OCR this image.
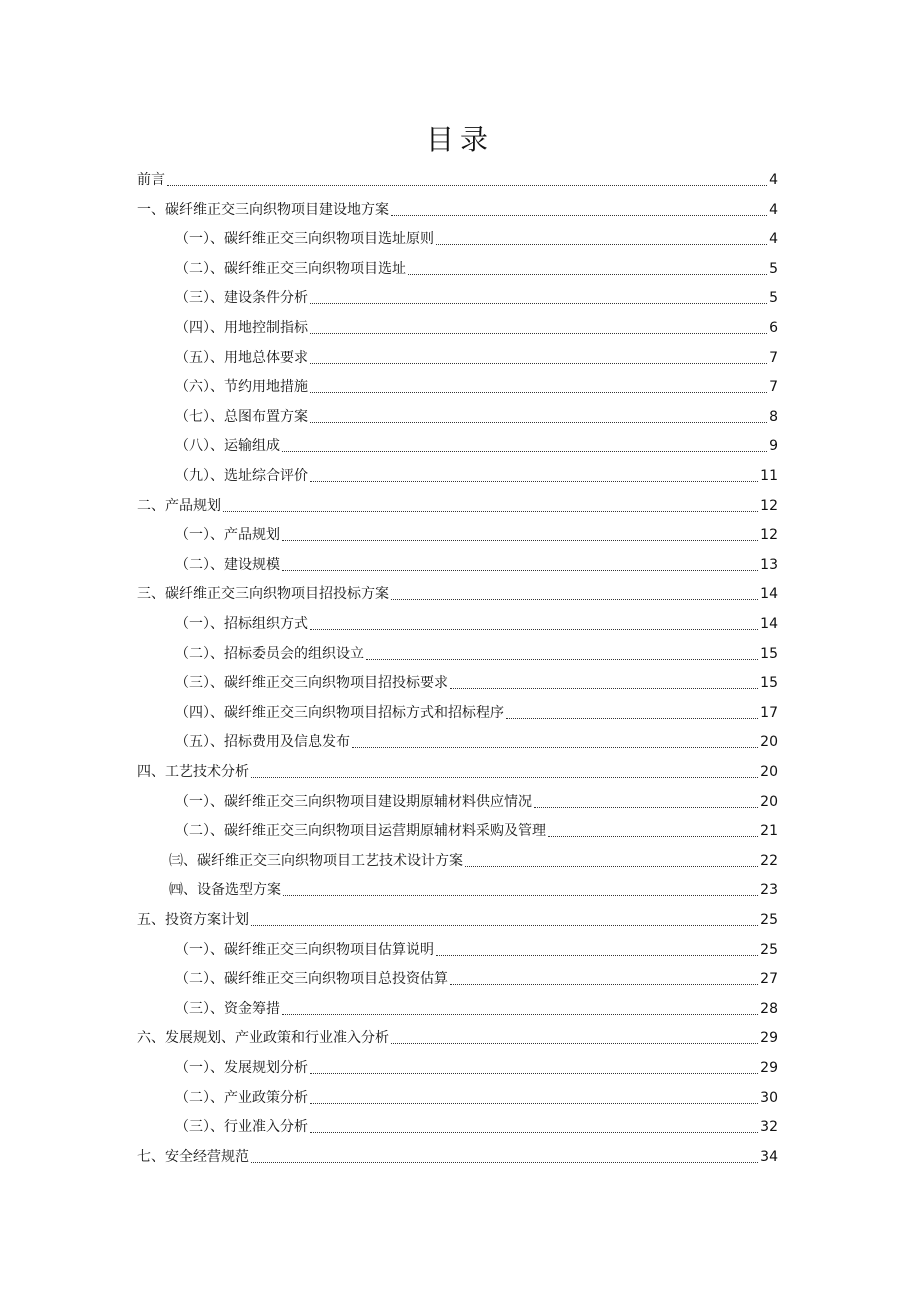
目录
前言	4
一、碳纤维正交三向织物项目建设地方案	4
（一）、碳纤维正交三向织物项目选址原则	4
（二）、碳纤维正交三向织物项目选址	5
（三）、建设条件分析	5
（四）、用地控制指标	6
（五）、用地总体要求	7
（六）、节约用地措施	7
（七）、总图布置方案	8
（八）、运输组成	9
（九）、选址综合评价	11
二、产品规划	12
（一）、产品规划	12
（二）、建设规模	13
三、碳纤维正交三向织物项目招投标方案	14
（一）、招标组织方式	14
（二）、招标委员会的组织设立	15
（三）、碳纤维正交三向织物项目招投标要求	15
（四）、碳纤维正交三向织物项目招标方式和招标程序	17
（五）、招标费用及信息发布	20
四、工艺技术分析	20
（一）、碳纤维正交三向织物项目建设期原辅材料供应情况	20
（二）、碳纤维正交三向织物项目运营期原辅材料采购及管理	21
㈢、碳纤维正交三向织物项目工艺技术设计方案	22
㈣、设备选型方案	23
五、投资方案计划	25
（一）、碳纤维正交三向织物项目估算说明	25
（二）、碳纤维正交三向织物项目总投资估算	27
（三）、资金筹措	28
六、发展规划、产业政策和行业准入分析	29
（一）、发展规划分析	29
（二）、产业政策分析	30
（三）、行业准入分析	32
七、安全经营规范	34
